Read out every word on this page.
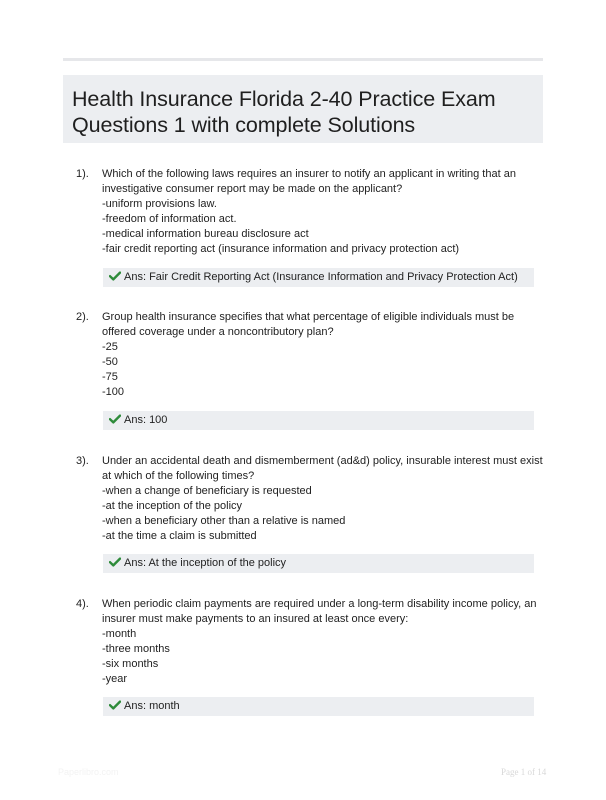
Health Insurance Florida 2-40 Practice Exam
Questions 1 with complete Solutions
1). Which of the following laws requires an insurer to notify an applicant in writing that an
investigative consumer report may be made on the applicant?
-uniform provisions law.
-freedom of information act.
-medical information bureau disclosure act
-fair credit reporting act (insurance information and privacy protection act)
Ans: Fair Credit Reporting Act (Insurance Information and Privacy Protection Act)
2). Group health insurance specifies that what percentage of eligible individuals must be
offered coverage under a noncontributory plan?
-25
-50
-75
-100
Ans: 100
3). Under an accidental death and dismemberment (ad&d) policy, insurable interest must exist
at which of the following times?
-when a change of beneficiary is requested
-at the inception of the policy
-when a beneficiary other than a relative is named
-at the time a claim is submitted
Ans: At the inception of the policy
4). When periodic claim payments are required under a long-term disability income policy, an
insurer must make payments to an insured at least once every:
-month
-three months
-six months
-year
Ans: month
Paperlibro.com	Page 1 of 14
